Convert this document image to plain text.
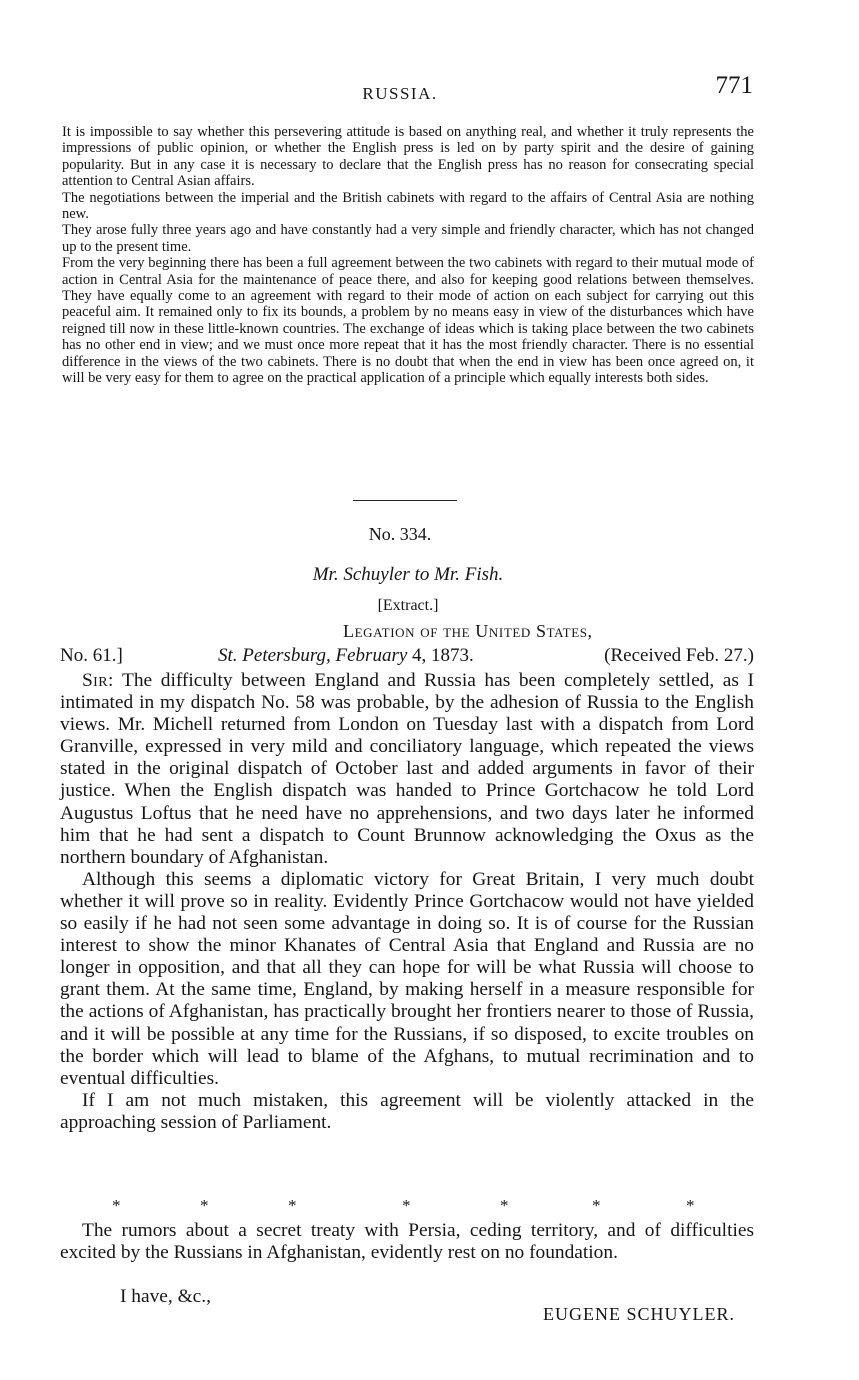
RUSSIA.	771

It is impossible to say whether this persevering attitude is based on anything real, and whether it truly represents the impressions of public opinion, or whether the English press is led on by party spirit and the desire of gaining popularity. But in any case it is necessary to declare that the English press has no reason for consecrating special attention to Central Asian affairs.

The negotiations between the imperial and the British cabinets with regard to the affairs of Central Asia are nothing new.

They arose fully three years ago and have constantly had a very simple and friendly character, which has not changed up to the present time.

From the very beginning there has been a full agreement between the two cabinets with regard to their mutual mode of action in Central Asia for the maintenance of peace there, and also for keeping good relations between themselves. They have equally come to an agreement with regard to their mode of action on each subject for carrying out this peaceful aim. It remained only to fix its bounds, a problem by no means easy in view of the disturbances which have reigned till now in these little-known countries. The exchange of ideas which is taking place between the two cabinets has no other end in view; and we must once more repeat that it has the most friendly character. There is no essential difference in the views of the two cabinets. There is no doubt that when the end in view has been once agreed on, it will be very easy for them to agree on the practical application of a principle which equally interests both sides.

No. 334.
Mr. Schuyler to Mr. Fish.
[Extract.]
Legation of the United States,
No. 61.]	St. Petersburg, February 4, 1873.	(Received Feb. 27.)

Sir: The difficulty between England and Russia has been completely settled, as I intimated in my dispatch No. 58 was probable, by the adhesion of Russia to the English views. Mr. Michell returned from London on Tuesday last with a dispatch from Lord Granville, expressed in very mild and conciliatory language, which repeated the views stated in the original dispatch of October last and added arguments in favor of their justice. When the English dispatch was handed to Prince Gortchacow he told Lord Augustus Loftus that he need have no apprehensions, and two days later he informed him that he had sent a dispatch to Count Brunnow acknowledging the Oxus as the northern boundary of Afghanistan.

Although this seems a diplomatic victory for Great Britain, I very much doubt whether it will prove so in reality. Evidently Prince Gortchacow would not have yielded so easily if he had not seen some advantage in doing so. It is of course for the Russian interest to show the minor Khanates of Central Asia that England and Russia are no longer in opposition, and that all they can hope for will be what Russia will choose to grant them. At the same time, England, by making herself in a measure responsible for the actions of Afghanistan, has practically brought her frontiers nearer to those of Russia, and it will be possible at any time for the Russians, if so disposed, to excite troubles on the border which will lead to blame of the Afghans, to mutual recrimination and to eventual difficulties.

If I am not much mistaken, this agreement will be violently attacked in the approaching session of Parliament.

*	*	*	*	*	*	*

The rumors about a secret treaty with Persia, ceding territory, and of difficulties excited by the Russians in Afghanistan, evidently rest on no foundation.

I have, &c.,
EUGENE SCHUYLER.
